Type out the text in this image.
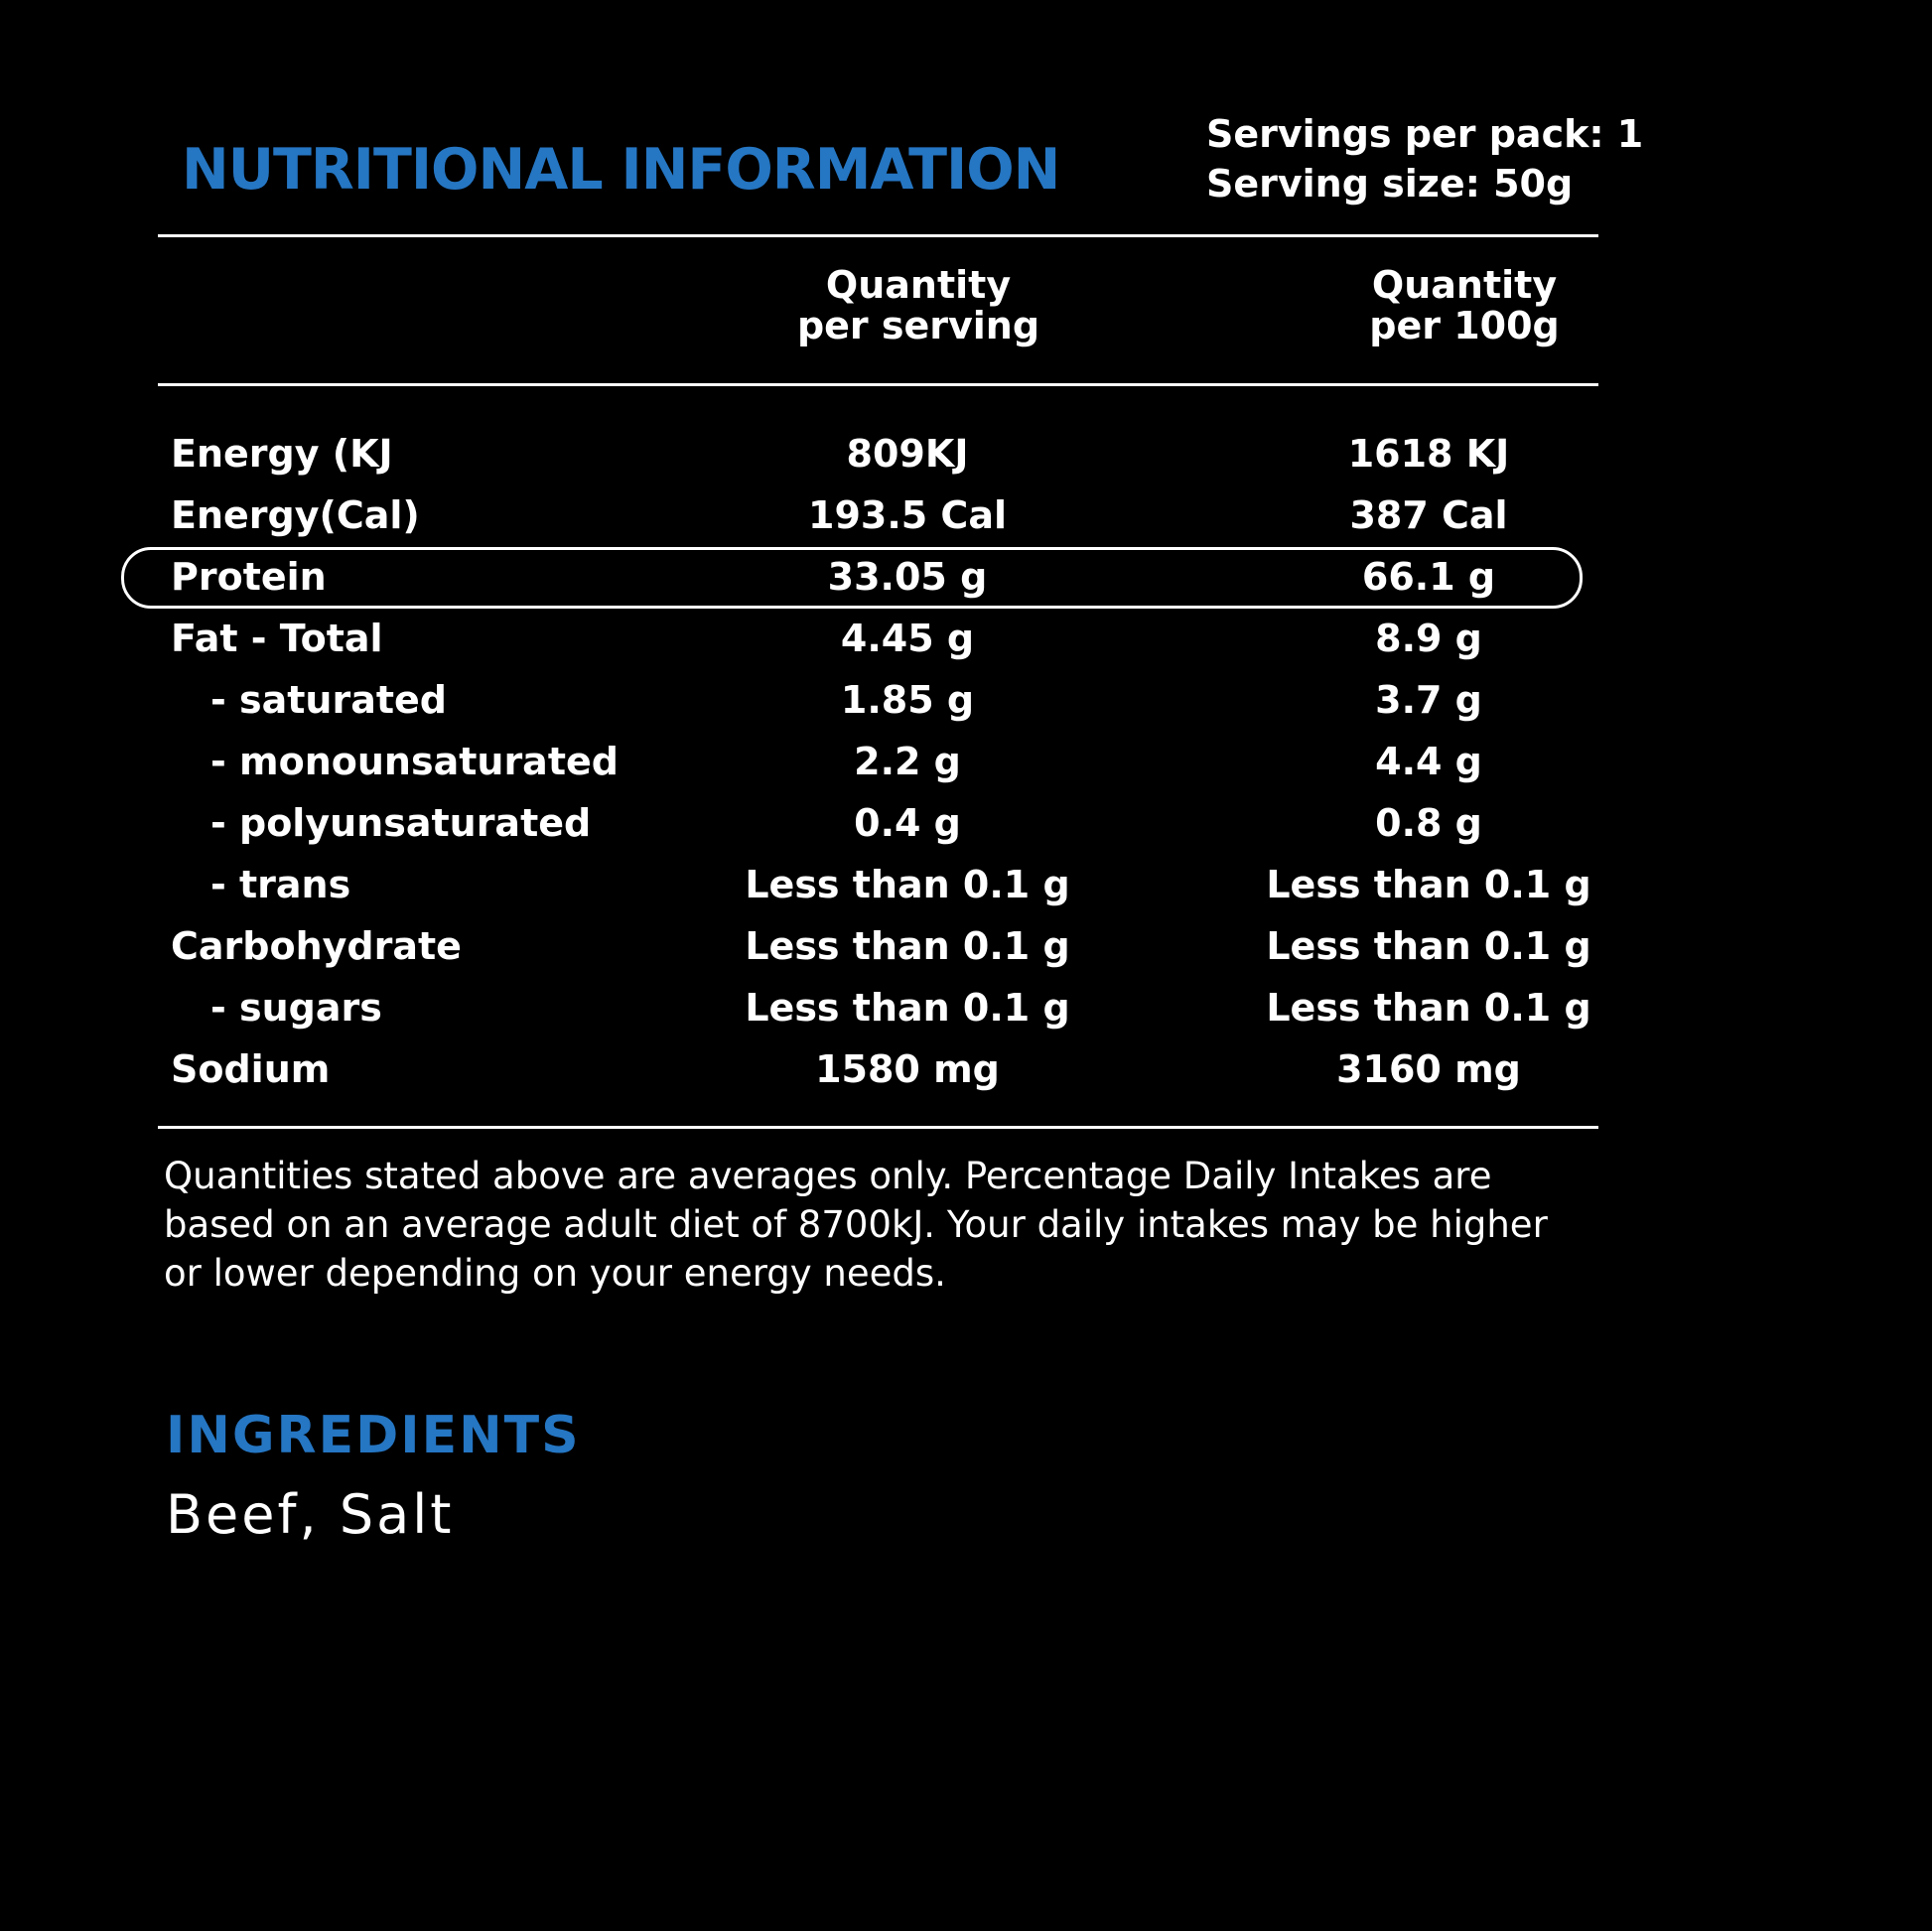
NUTRITIONAL INFORMATION
Servings per pack: 1
Serving size: 50g
Quantity
per serving
Quantity
per 100g
Energy (KJ	809KJ	1618 KJ
Energy(Cal)	193.5 Cal	387 Cal
Protein	33.05 g	66.1 g
Fat - Total	4.45 g	8.9 g
- saturated	1.85 g	3.7 g
- monounsaturated	2.2 g	4.4 g
- polyunsaturated	0.4 g	0.8 g
- trans	Less than 0.1 g	Less than 0.1 g
Carbohydrate	Less than 0.1 g	Less than 0.1 g
- sugars	Less than 0.1 g	Less than 0.1 g
Sodium	1580 mg	3160 mg
Quantities stated above are averages only. Percentage Daily Intakes are
based on an average adult diet of 8700kJ. Your daily intakes may be higher
or lower depending on your energy needs.
INGREDIENTS
Beef, Salt
